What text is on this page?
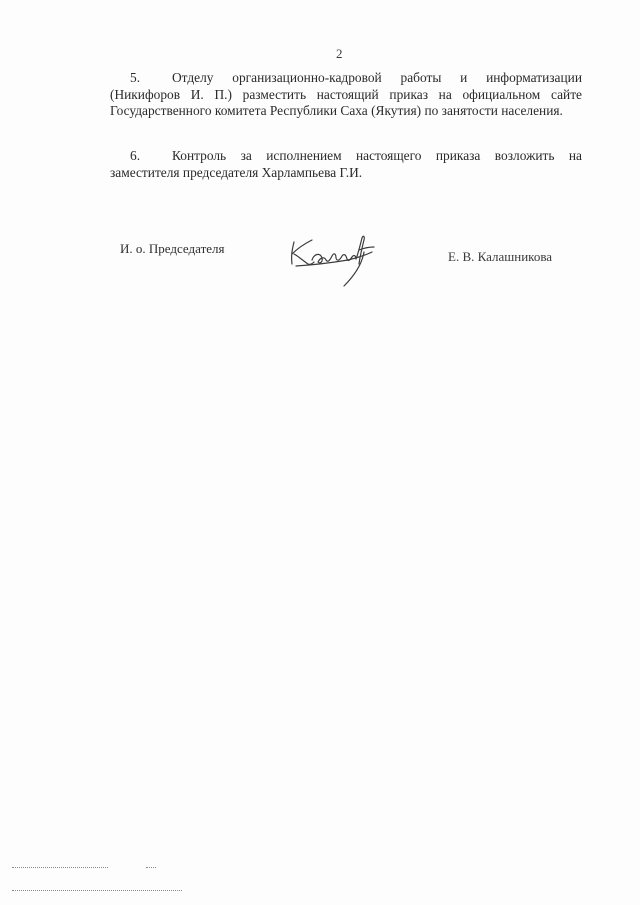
2
5. Отделу организационно-кадровой работы и информатизации (Никифоров И. П.) разместить настоящий приказ на официальном сайте Государственного комитета Республики Саха (Якутия) по занятости населения.
6. Контроль за исполнением настоящего приказа возложить на заместителя председателя Харлампьева Г.И.
И. о. Председателя
Калаш
Е. В. Калашникова
